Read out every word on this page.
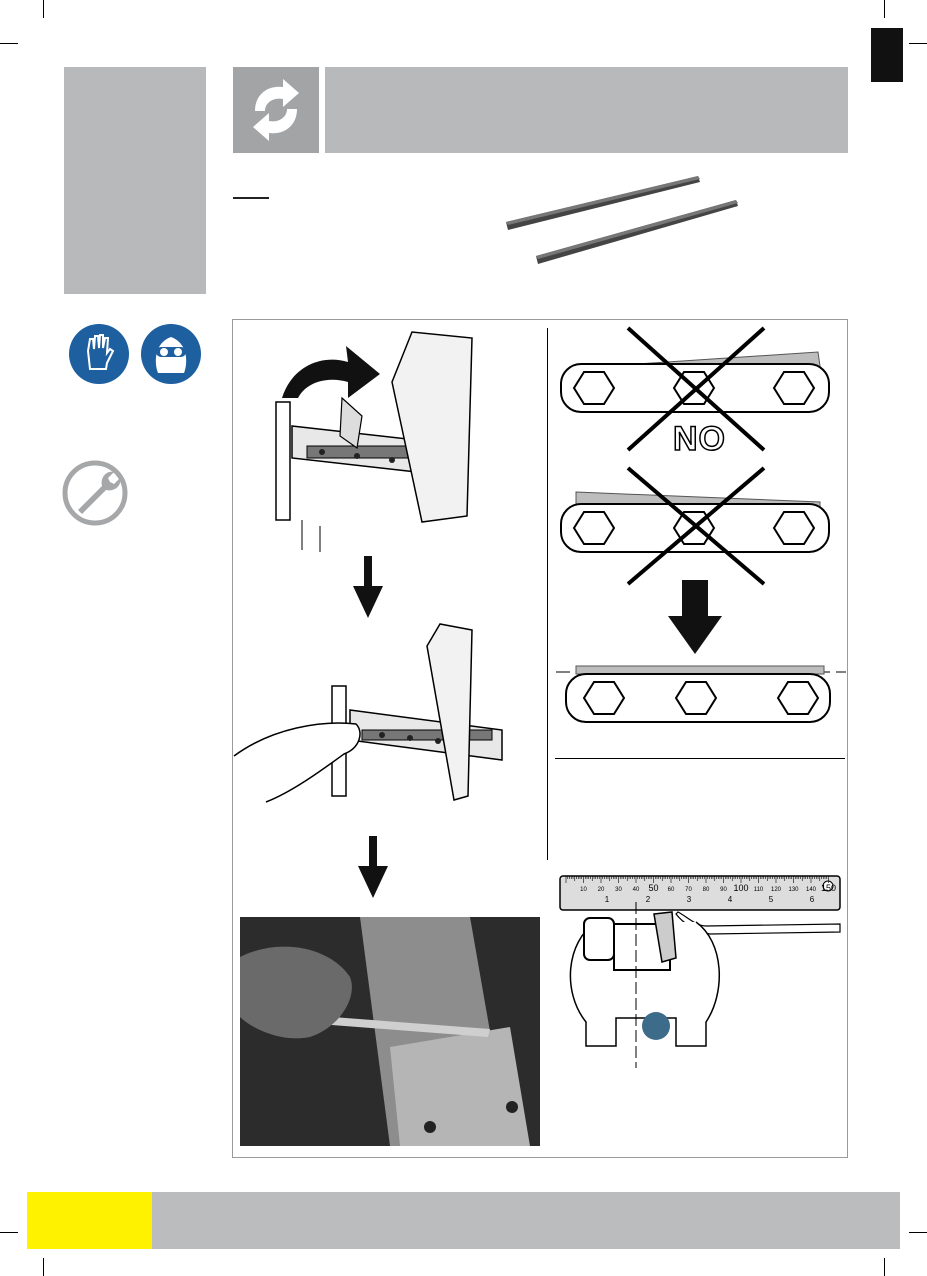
NO
10 20 30 40 50 60 70 80 90 100 110 120 130 140 150
1	2	3	4	5	6
